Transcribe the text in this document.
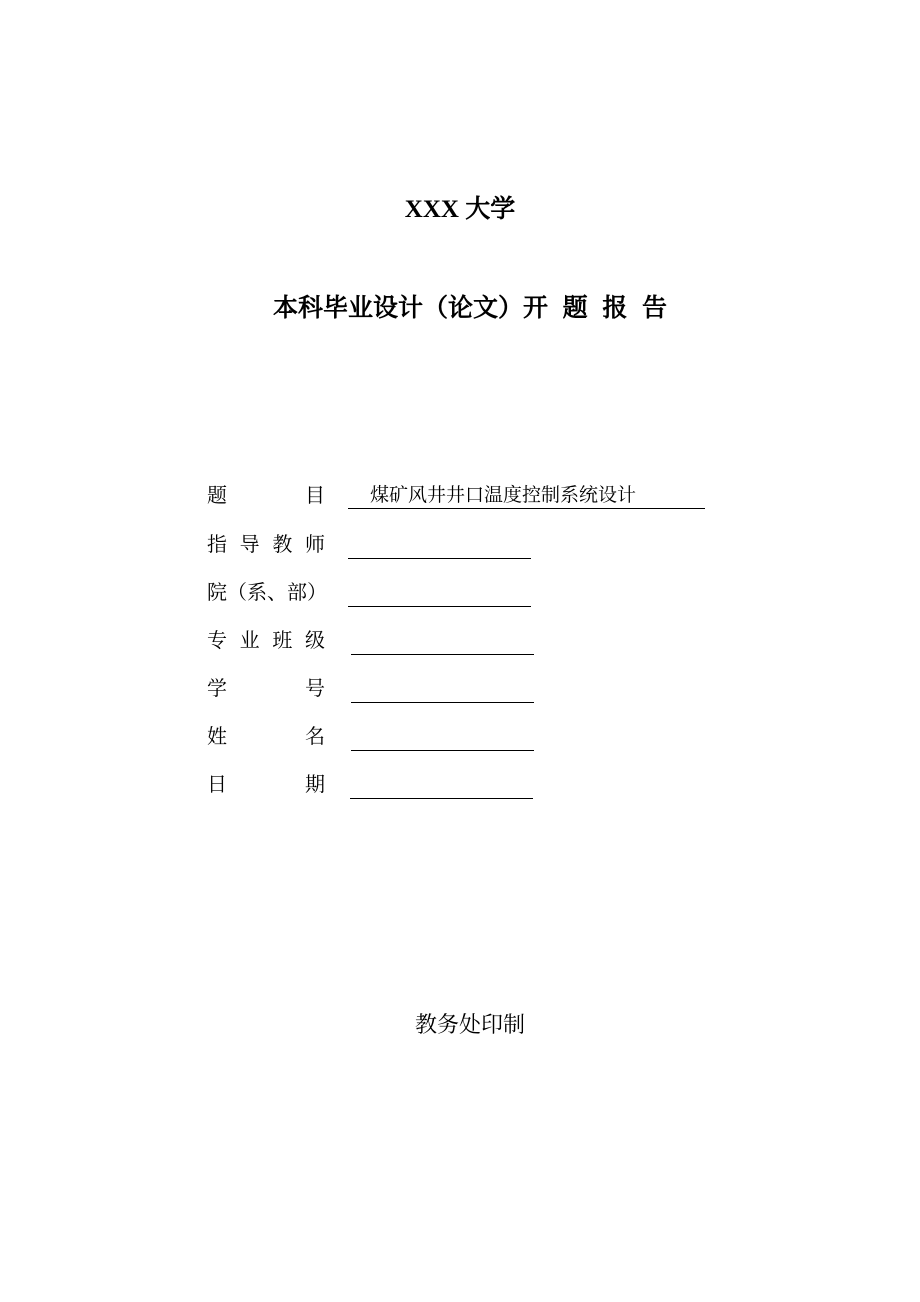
XXX 大学
本科毕业设计（论文）开 题 报 告
题目	煤矿风井井口温度控制系统设计
指导教师
院（系、部）
专业班级
学号
姓名
日期
教务处印制
